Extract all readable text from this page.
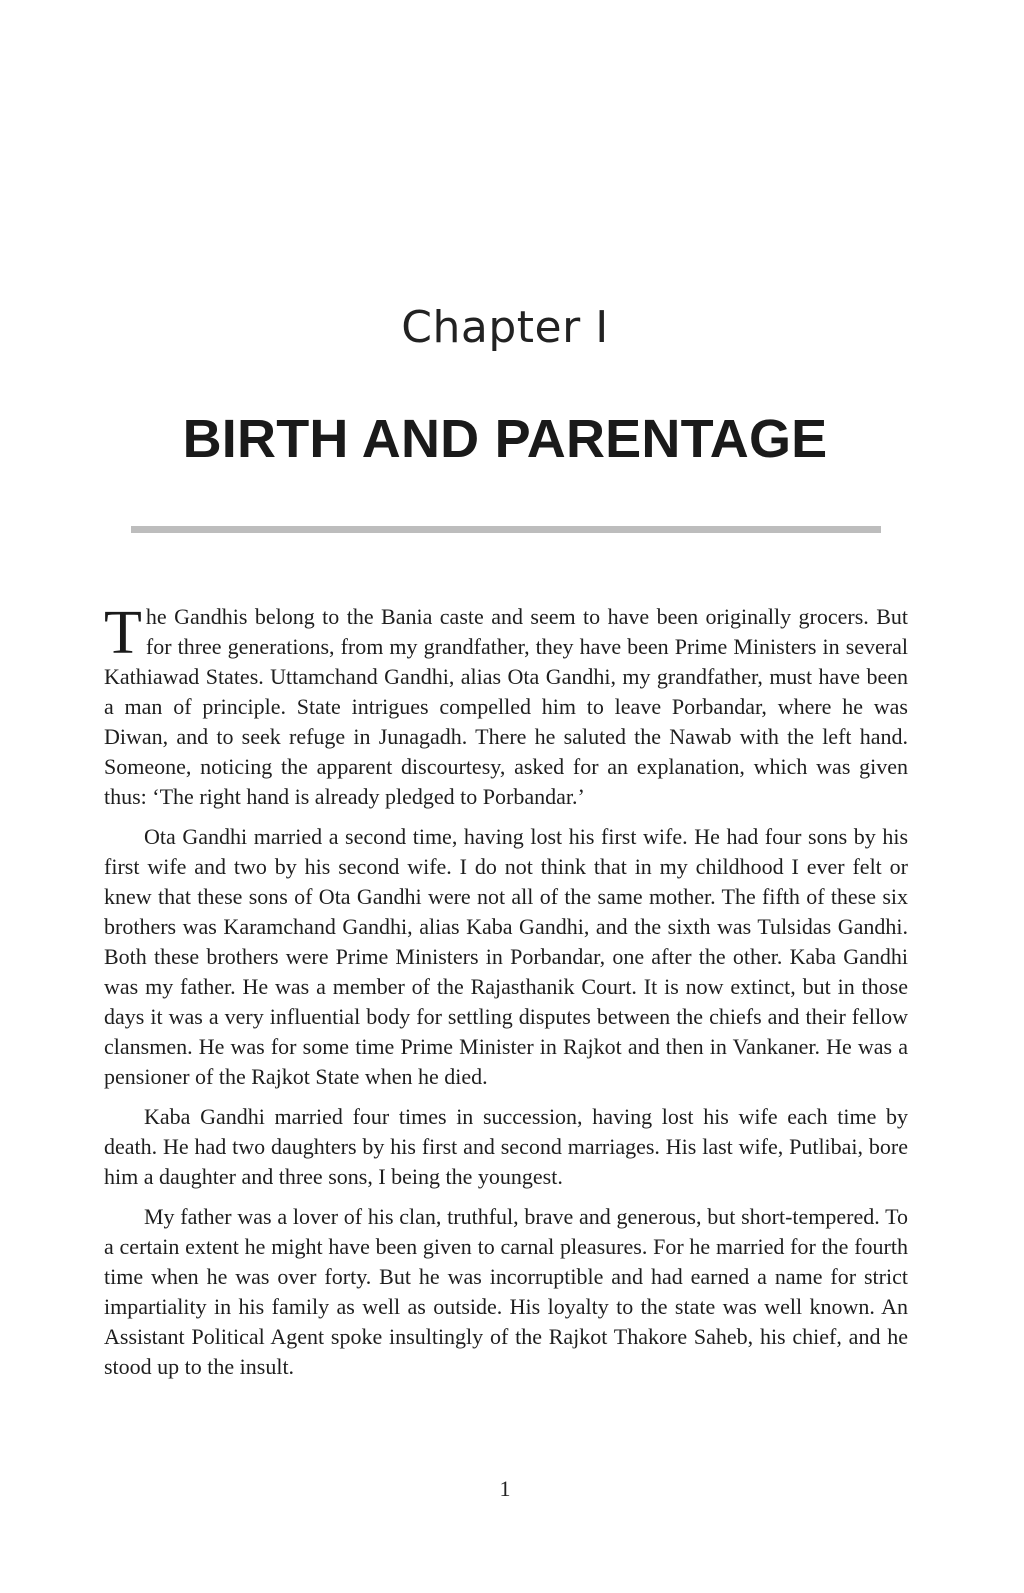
Chapter I
BIRTH AND PARENTAGE

The Gandhis belong to the Bania caste and seem to have been originally grocers. But for three generations, from my grandfather, they have been Prime Ministers in several Kathiawad States. Uttamchand Gandhi, alias Ota Gandhi, my grandfather, must have been a man of principle. State intrigues compelled him to leave Porbandar, where he was Diwan, and to seek refuge in Junagadh. There he saluted the Nawab with the left hand. Someone, noticing the apparent discourtesy, asked for an explanation, which was given thus: ‘The right hand is already pledged to Porbandar.’

Ota Gandhi married a second time, having lost his first wife. He had four sons by his first wife and two by his second wife. I do not think that in my childhood I ever felt or knew that these sons of Ota Gandhi were not all of the same mother. The fifth of these six brothers was Karamchand Gandhi, alias Kaba Gandhi, and the sixth was Tulsidas Gandhi. Both these brothers were Prime Ministers in Porbandar, one after the other. Kaba Gandhi was my father. He was a member of the Rajasthanik Court. It is now extinct, but in those days it was a very influential body for settling disputes between the chiefs and their fellow clansmen. He was for some time Prime Minister in Rajkot and then in Vankaner. He was a pensioner of the Rajkot State when he died.

Kaba Gandhi married four times in succession, having lost his wife each time by death. He had two daughters by his first and second marriages. His last wife, Putlibai, bore him a daughter and three sons, I being the youngest.

My father was a lover of his clan, truthful, brave and generous, but short-tempered. To a certain extent he might have been given to carnal pleasures. For he married for the fourth time when he was over forty. But he was incorruptible and had earned a name for strict impartiality in his family as well as outside. His loyalty to the state was well known. An Assistant Political Agent spoke insultingly of the Rajkot Thakore Saheb, his chief, and he stood up to the insult.

1
